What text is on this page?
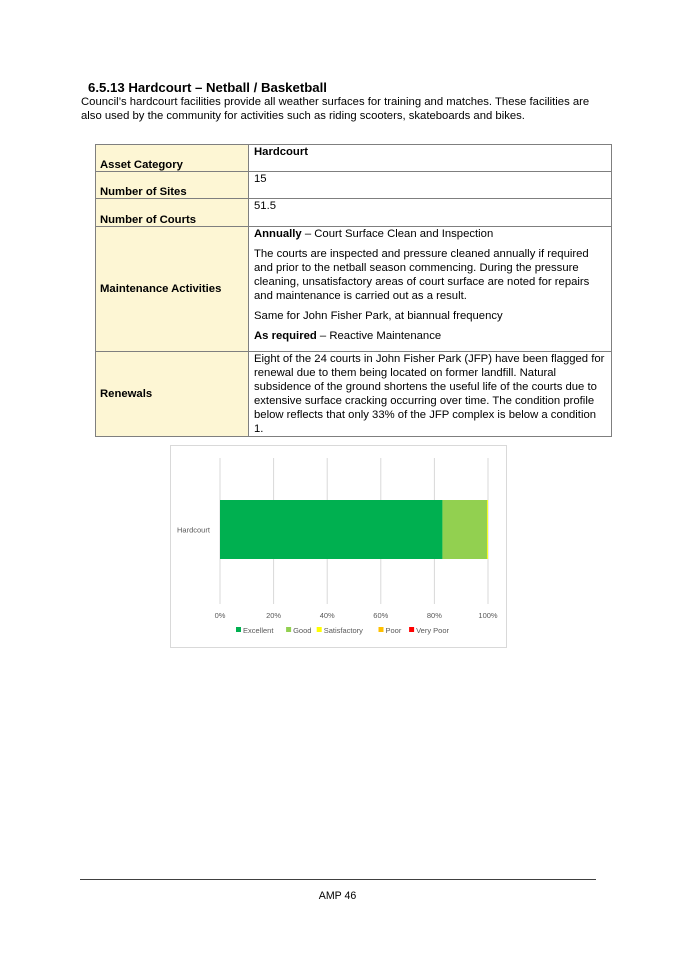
6.5.13 Hardcourt – Netball / Basketball

Council’s hardcourt facilities provide all weather surfaces for training and matches. These facilities are also used by the community for activities such as riding scooters, skateboards and bikes.

Asset Category	Hardcourt
Number of Sites	15
Number of Courts	51.5
Maintenance Activities	Annually – Court Surface Clean and Inspection

The courts are inspected and pressure cleaned annually if required and prior to the netball season commencing. During the pressure cleaning, unsatisfactory areas of court surface are noted for repairs and maintenance is carried out as a result.

Same for John Fisher Park, at biannual frequency

As required – Reactive Maintenance

Renewals	Eight of the 24 courts in John Fisher Park (JFP) have been flagged for renewal due to them being located on former landfill. Natural subsidence of the ground shortens the useful life of the courts due to extensive surface cracking occurring over time. The condition profile below reflects that only 33% of the JFP complex is below a condition 1.
0%	20%	40%	60%	80%	100%
Hardcourt
Excellent	Good Satisfactory	Poor Very Poor
AMP 46
